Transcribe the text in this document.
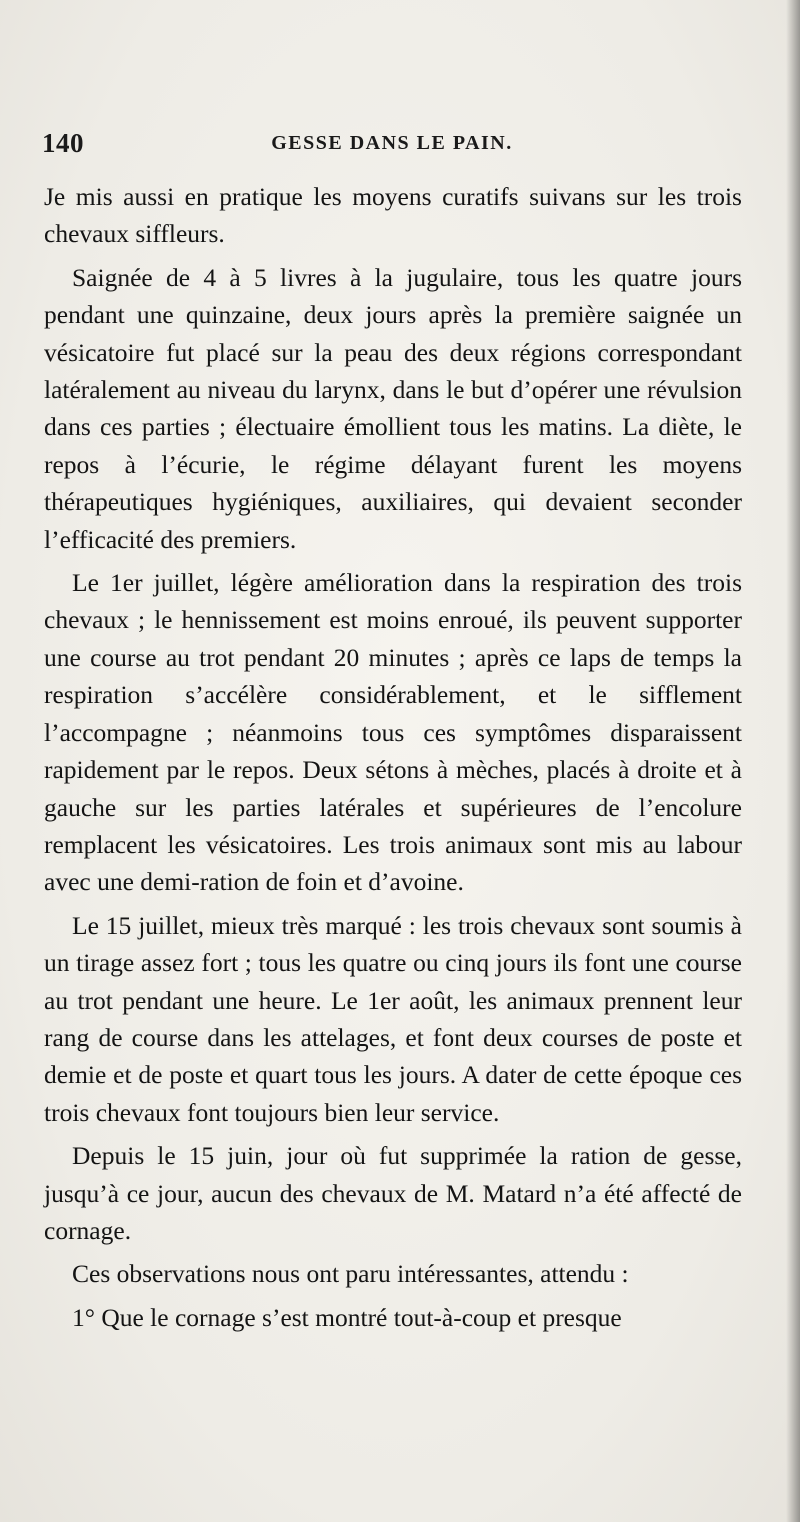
140	GESSE DANS LE PAIN.

Je mis aussi en pratique les moyens curatifs suivans sur les trois chevaux siffleurs.

Saignée de 4 à 5 livres à la jugulaire, tous les quatre jours pendant une quinzaine, deux jours après la première saignée un vésicatoire fut placé sur la peau des deux régions correspondant latéralement au niveau du larynx, dans le but d’opérer une révulsion dans ces parties ; électuaire émollient tous les matins. La diète, le repos à l’écurie, le régime délayant furent les moyens thérapeutiques hygiéniques, auxiliaires, qui devaient seconder l’efficacité des premiers.

Le 1er juillet, légère amélioration dans la respiration des trois chevaux ; le hennissement est moins enroué, ils peuvent supporter une course au trot pendant 20 minutes ; après ce laps de temps la respiration s’accélère considérablement, et le sifflement l’accompagne ; néanmoins tous ces symptômes disparaissent rapidement par le repos. Deux sétons à mèches, placés à droite et à gauche sur les parties latérales et supérieures de l’encolure remplacent les vésicatoires. Les trois animaux sont mis au labour avec une demi-ration de foin et d’avoine.

Le 15 juillet, mieux très marqué : les trois chevaux sont soumis à un tirage assez fort ; tous les quatre ou cinq jours ils font une course au trot pendant une heure. Le 1er août, les animaux prennent leur rang de course dans les attelages, et font deux courses de poste et demie et de poste et quart tous les jours. A dater de cette époque ces trois chevaux font toujours bien leur service.

Depuis le 15 juin, jour où fut supprimée la ration de gesse, jusqu’à ce jour, aucun des chevaux de M. Matard n’a été affecté de cornage.

Ces observations nous ont paru intéressantes, attendu :

1° Que le cornage s’est montré tout-à-coup et presque
